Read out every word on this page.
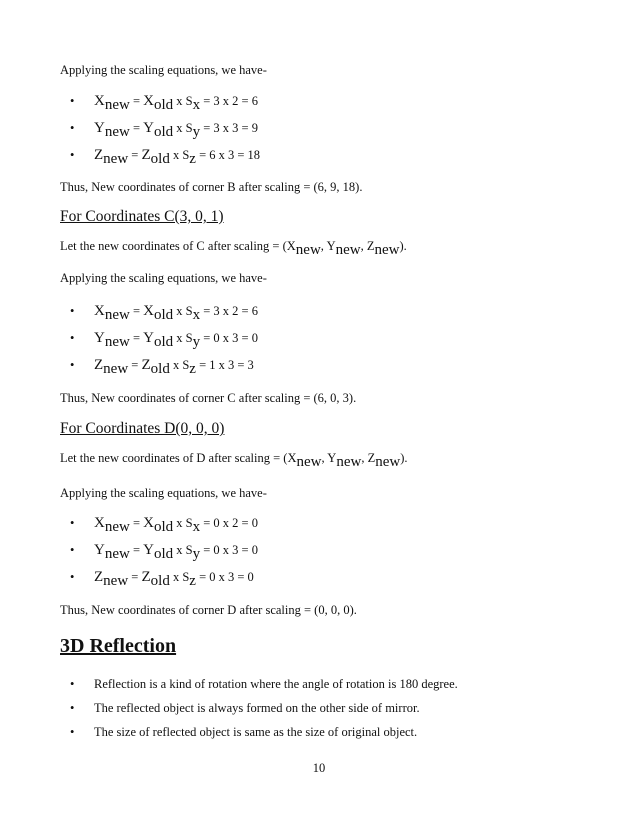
Applying the scaling equations, we have-
• $X_{new} = X_{old}$ x $S_x = 3$ x 2 = 6
• $Y_{new} = Y_{old}$ x $S_y = 3$ x 3 = 9
• $Z_{new} = Z_{old}$ x $S_z = 6$ x 3 = 18
Thus, New coordinates of corner B after scaling = (6, 9, 18).
For Coordinates C(3, 0, 1)
Let the new coordinates of C after scaling = ($X_{new}$, $Y_{new}$, $Z_{new}$).
Applying the scaling equations, we have-
• $X_{new} = X_{old}$ x $S_x = 3$ x 2 = 6
• $Y_{new} = Y_{old}$ x $S_y = 0$ x 3 = 0
• $Z_{new} = Z_{old}$ x $S_z = 1$ x 3 = 3
Thus, New coordinates of corner C after scaling = (6, 0, 3).
For Coordinates D(0, 0, 0)
Let the new coordinates of D after scaling = ($X_{new}$, $Y_{new}$, $Z_{new}$).
Applying the scaling equations, we have-
• $X_{new} = X_{old}$ x $S_x = 0$ x 2 = 0
• $Y_{new} = Y_{old}$ x $S_y = 0$ x 3 = 0
• $Z_{new} = Z_{old}$ x $S_z = 0$ x 3 = 0
Thus, New coordinates of corner D after scaling = (0, 0, 0).
3D Reflection
• Reflection is a kind of rotation where the angle of rotation is 180 degree.
• The reflected object is always formed on the other side of mirror.
• The size of reflected object is same as the size of original object.
10
